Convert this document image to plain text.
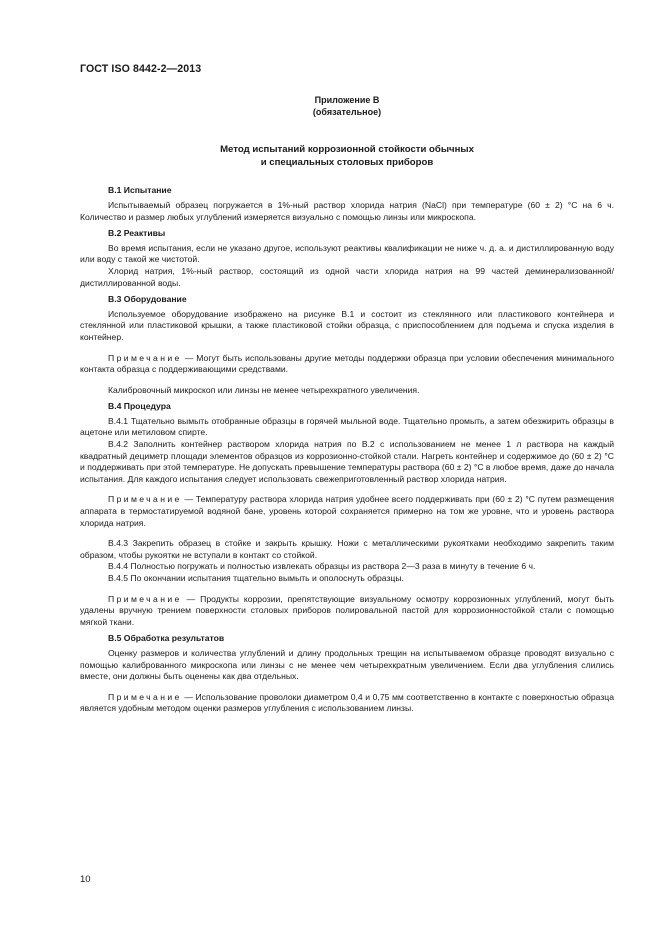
ГОСТ ISO 8442-2—2013
Приложение В
(обязательное)
Метод испытаний коррозионной стойкости обычных
и специальных столовых приборов
В.1 Испытание

Испытываемый образец погружается в 1%-ный раствор хлорида натрия (NaCl) при температуре (60 ± 2) °С на 6 ч. Количество и размер любых углублений измеряется визуально с помощью линзы или микроскопа.

В.2 Реактивы

Во время испытания, если не указано другое, используют реактивы квалификации не ниже ч. д. а. и дистиллированную воду или воду с такой же чистотой.

Хлорид натрия, 1%-ный раствор, состоящий из одной части хлорида натрия на 99 частей деминерализованной/дистиллированной воды.

В.3 Оборудование

Используемое оборудование изображено на рисунке В.1 и состоит из стеклянного или пластикового контейнера и стеклянной или пластиковой крышки, а также пластиковой стойки образца, с приспособлением для подъема и спуска изделия в контейнер.

Примечание — Могут быть использованы другие методы поддержки образца при условии обеспечения минимального контакта образца с поддерживающими средствами.

Калибровочный микроскоп или линзы не менее четырехкратного увеличения.

В.4 Процедура

В.4.1 Тщательно вымыть отобранные образцы в горячей мыльной воде. Тщательно промыть, а затем обезжирить образцы в ацетоне или метиловом спирте.

В.4.2 Заполнить контейнер раствором хлорида натрия по В.2 с использованием не менее 1 л раствора на каждый квадратный дециметр площади элементов образцов из коррозионно-стойкой стали. Нагреть контейнер и содержимое до (60 ± 2) °С и поддерживать при этой температуре. Не допускать превышение температуры раствора (60 ± 2) °С в любое время, даже до начала испытания. Для каждого испытания следует использовать свежеприготовленный раствор хлорида натрия.

Примечание — Температуру раствора хлорида натрия удобнее всего поддерживать при (60 ± 2) °С путем размещения аппарата в термостатируемой водяной бане, уровень которой сохраняется примерно на том же уровне, что и уровень раствора хлорида натрия.

В.4.3 Закрепить образец в стойке и закрыть крышку. Ножи с металлическими рукоятками необходимо закрепить таким образом, чтобы рукоятки не вступали в контакт со стойкой.

В.4.4 Полностью погружать и полностью извлекать образцы из раствора 2—3 раза в минуту в течение 6 ч.

В.4.5 По окончании испытания тщательно вымыть и ополоснуть образцы.

Примечание — Продукты коррозии, препятствующие визуальному осмотру коррозионных углублений, могут быть удалены вручную трением поверхности столовых приборов полировальной пастой для коррозионностойкой стали с помощью мягкой ткани.

В.5 Обработка результатов

Оценку размеров и количества углублений и длину продольных трещин на испытываемом образце проводят визуально с помощью калиброванного микроскопа или линзы с не менее чем четырехкратным увеличением. Если два углубления слились вместе, они должны быть оценены как два отдельных.

Примечание — Использование проволоки диаметром 0,4 и 0,75 мм соответственно в контакте с поверхностью образца является удобным методом оценки размеров углубления с использованием линзы.

10
